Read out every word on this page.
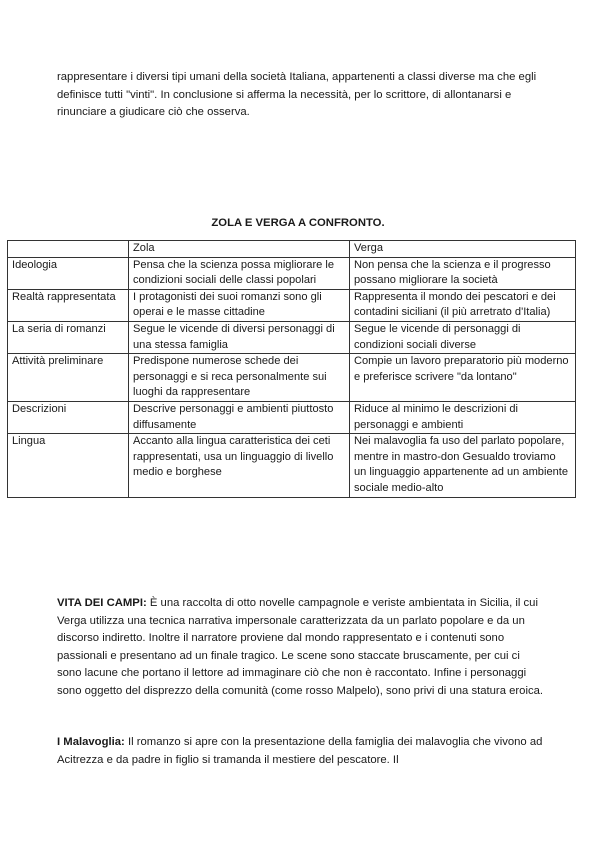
rappresentare i diversi tipi umani della società Italiana, appartenenti a classi diverse ma che egli definisce tutti "vinti". In conclusione si afferma la necessità, per lo scrittore, di allontanarsi e rinunciare a giudicare ciò che osserva.

ZOLA E VERGA A CONFRONTO.

	Zola	Verga
Ideologia	Pensa che la scienza possa migliorare le condizioni sociali delle classi popolari	Non pensa che la scienza e il progresso possano migliorare la società
Realtà rappresentata	I protagonisti dei suoi romanzi sono gli operai e le masse cittadine	Rappresenta il mondo dei pescatori e dei contadini siciliani (il più arretrato d'Italia)
La seria di romanzi	Segue le vicende di diversi personaggi di una stessa famiglia	Segue le vicende di personaggi di condizioni sociali diverse
Attività preliminare	Predispone numerose schede dei personaggi e si reca personalmente sui luoghi da rappresentare	Compie un lavoro preparatorio più moderno e preferisce scrivere "da lontano"
Descrizioni	Descrive personaggi e ambienti piuttosto diffusamente	Riduce al minimo le descrizioni di personaggi e ambienti
Lingua	Accanto alla lingua caratteristica dei ceti rappresentati, usa un linguaggio di livello medio e borghese	Nei malavoglia fa uso del parlato popolare, mentre in mastro-don Gesualdo troviamo un linguaggio appartenente ad un ambiente sociale medio-alto

VITA DEI CAMPI: È una raccolta di otto novelle campagnole e veriste ambientata in Sicilia, il cui Verga utilizza una tecnica narrativa impersonale caratterizzata da un parlato popolare e da un discorso indiretto. Inoltre il narratore proviene dal mondo rappresentato e i contenuti sono passionali e presentano ad un finale tragico. Le scene sono staccate bruscamente, per cui ci sono lacune che portano il lettore ad immaginare ciò che non è raccontato. Infine i personaggi sono oggetto del disprezzo della comunità (come rosso Malpelo), sono privi di una statura eroica.

I Malavoglia: Il romanzo si apre con la presentazione della famiglia dei malavoglia che vivono ad Acitrezza e da padre in figlio si tramanda il mestiere del pescatore. Il
